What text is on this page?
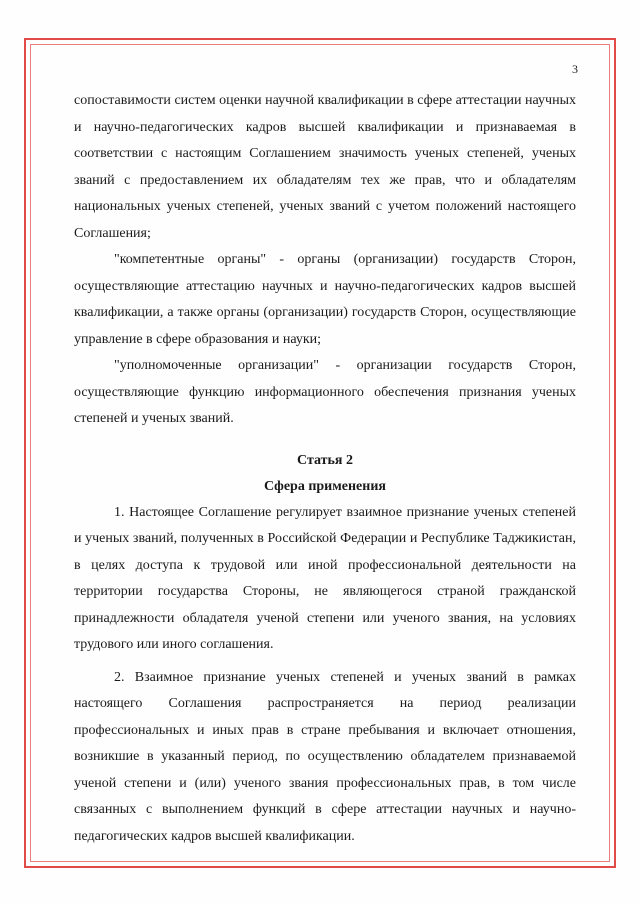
3

сопоставимости систем оценки научной квалификации в сфере аттестации научных и научно-педагогических кадров высшей квалификации и признаваемая в соответствии с настоящим Соглашением значимость ученых степеней, ученых званий с предоставлением их обладателям тех же прав, что и обладателям национальных ученых степеней, ученых званий с учетом положений настоящего Соглашения;

"компетентные органы" - органы (организации) государств Сторон, осуществляющие аттестацию научных и научно-педагогических кадров высшей квалификации, а также органы (организации) государств Сторон, осуществляющие управление в сфере образования и науки;

"уполномоченные организации" - организации государств Сторон, осуществляющие функцию информационного обеспечения признания ученых степеней и ученых званий.

Статья 2

Сфера применения

1. Настоящее Соглашение регулирует взаимное признание ученых степеней и ученых званий, полученных в Российской Федерации и Республике Таджикистан, в целях доступа к трудовой или иной профессиональной деятельности на территории государства Стороны, не являющегося страной гражданской принадлежности обладателя ученой степени или ученого звания, на условиях трудового или иного соглашения.

2. Взаимное признание ученых степеней и ученых званий в рамках настоящего Соглашения распространяется на период реализации профессиональных и иных прав в стране пребывания и включает отношения, возникшие в указанный период, по осуществлению обладателем признаваемой ученой степени и (или) ученого звания профессиональных прав, в том числе связанных с выполнением функций в сфере аттестации научных и научно-педагогических кадров высшей квалификации.
